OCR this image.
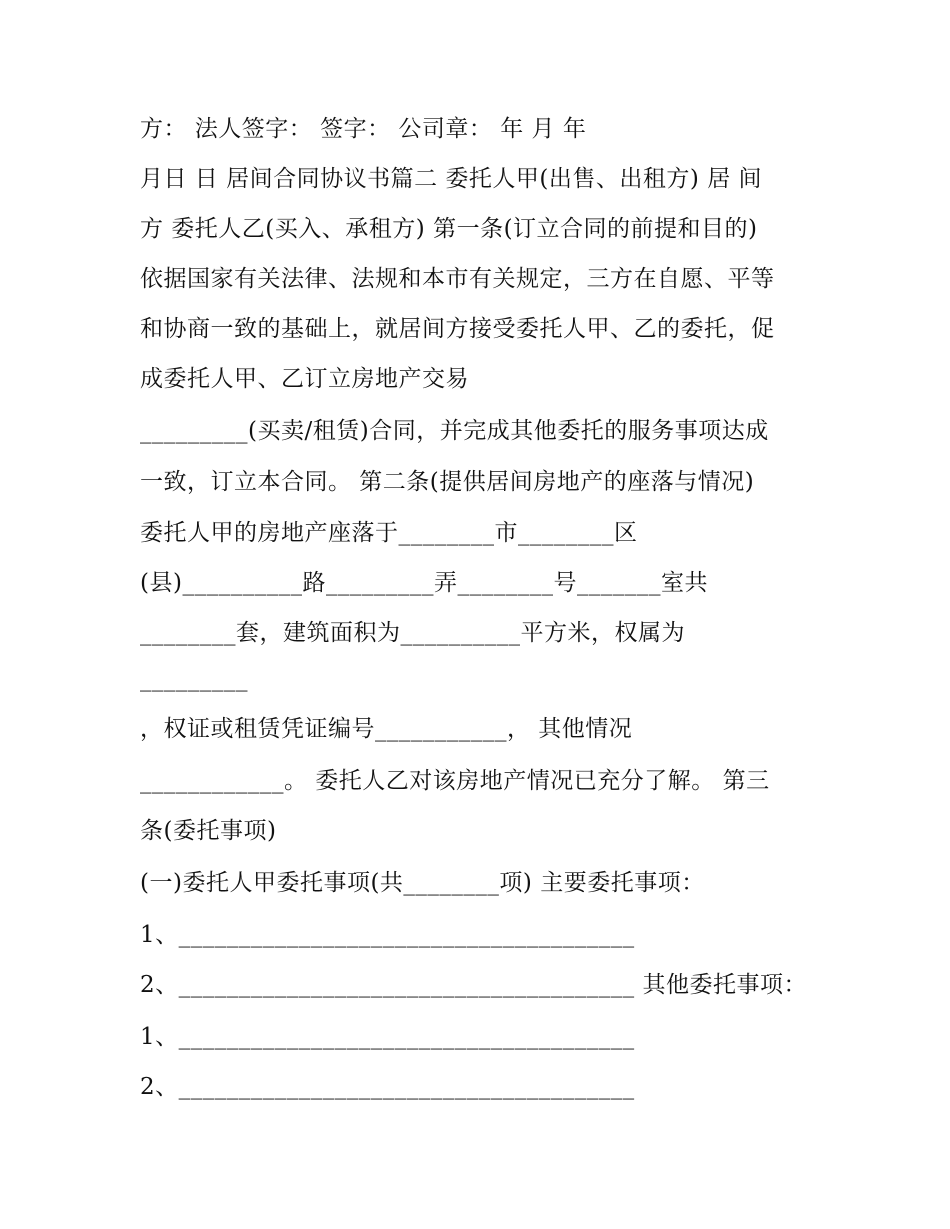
方： 法人签字： 签字： 公司章： 年 月 年
月日 日 居间合同协议书篇二 委托人甲(出售、出租方) 居 间
方 委托人乙(买入、承租方) 第一条(订立合同的前提和目的)
依据国家有关法律、法规和本市有关规定，三方在自愿、平等
和协商一致的基础上，就居间方接受委托人甲、乙的委托，促
成委托人甲、乙订立房地产交易
_________(买卖/租赁)合同，并完成其他委托的服务事项达成
一致，订立本合同。 第二条(提供居间房地产的座落与情况)
委托人甲的房地产座落于________市________区
(县)__________路_________弄________号_______室共
________套，建筑面积为__________平方米，权属为
_________
，权证或租赁凭证编号___________， 其他情况
____________。 委托人乙对该房地产情况已充分了解。 第三
条(委托事项)
(一)委托人甲委托事项(共________项) 主要委托事项：
1、______________________________________
2、______________________________________ 其他委托事项：
1、______________________________________
2、______________________________________
